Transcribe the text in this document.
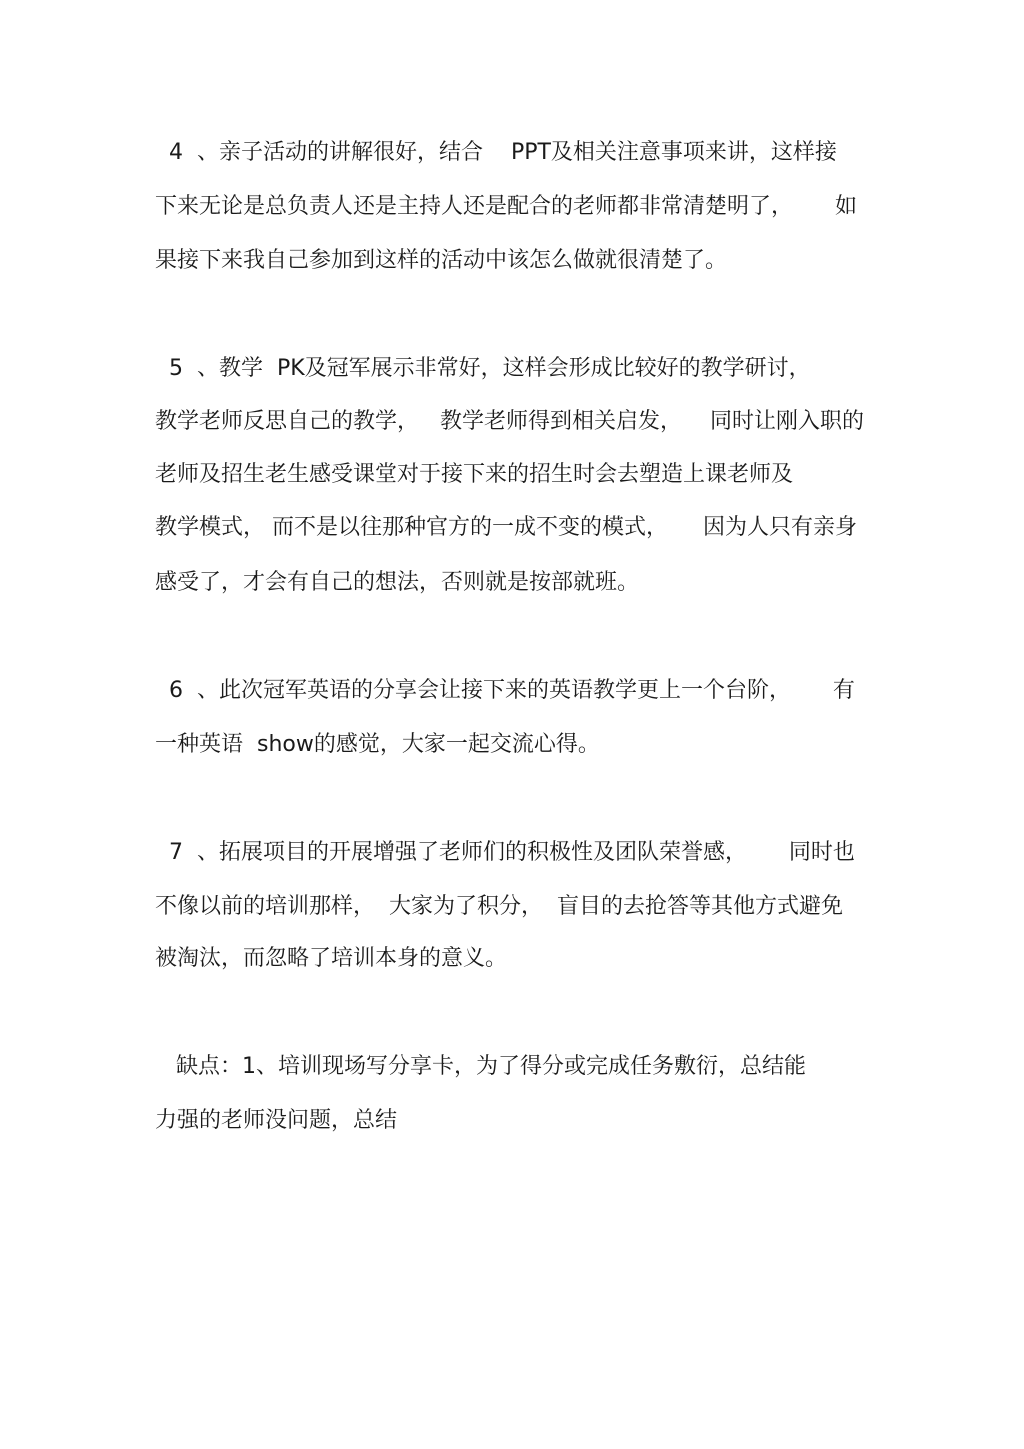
4  、亲子活动的讲解很好，结合    PPT及相关注意事项来讲，这样接
下来无论是总负责人还是主持人还是配合的老师都非常清楚明了，      如
果接下来我自己参加到这样的活动中该怎么做就很清楚了。
5  、教学  PK及冠军展示非常好，这样会形成比较好的教学研讨，
教学老师反思自己的教学，   教学老师得到相关启发，    同时让刚入职的
老师及招生老生感受课堂对于接下来的招生时会去塑造上课老师及
教学模式， 而不是以往那种官方的一成不变的模式，     因为人只有亲身
感受了，才会有自己的想法，否则就是按部就班。
6  、此次冠军英语的分享会让接下来的英语教学更上一个台阶，      有
一种英语  show的感觉，大家一起交流心得。
7  、拓展项目的开展增强了老师们的积极性及团队荣誉感，      同时也
不像以前的培训那样，  大家为了积分，  盲目的去抢答等其他方式避免
被淘汰，而忽略了培训本身的意义。
缺点：1、培训现场写分享卡，为了得分或完成任务敷衍，总结能
力强的老师没问题，总结
